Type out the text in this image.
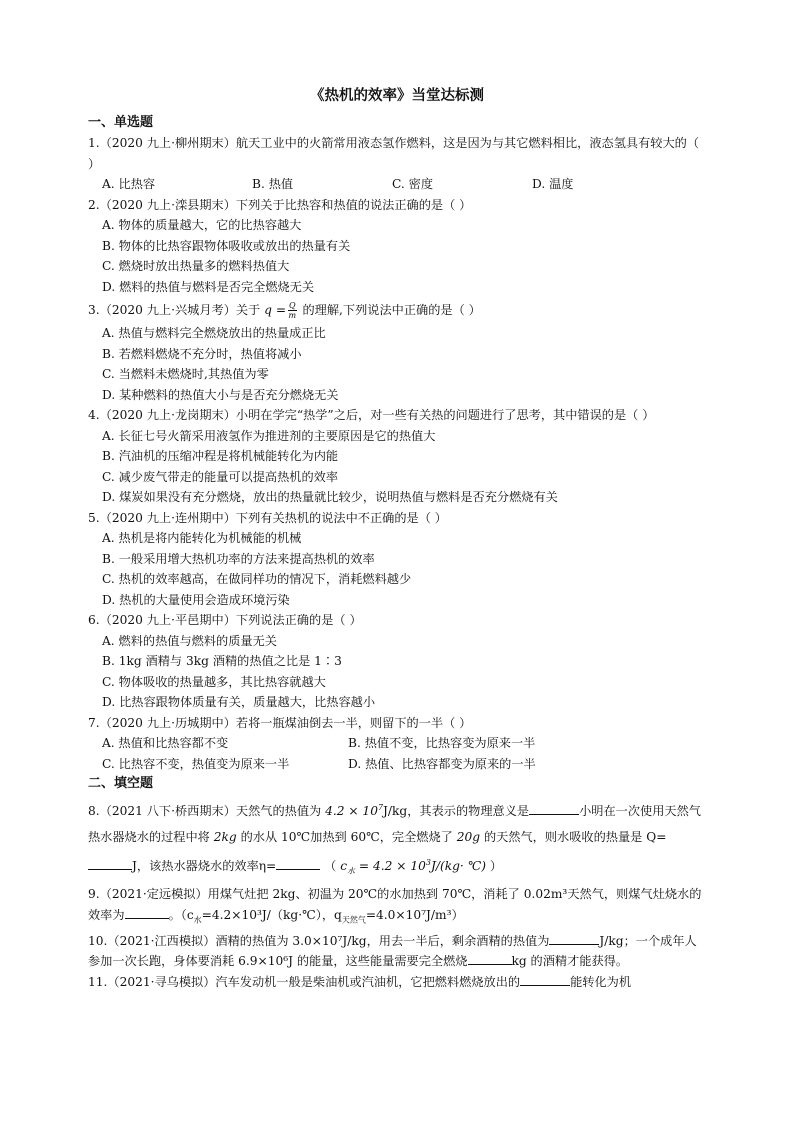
《热机的效率》当堂达标测
一、单选题

1.（2020 九上·柳州期末）航天工业中的火箭常用液态氢作燃料，这是因为与其它燃料相比，液态氢具有较大的（ ）

A. 比热容	B. 热值	C. 密度	D. 温度

2.（2020 九上·滦县期末）下列关于比热容和热值的说法正确的是（ ）

A. 物体的质量越大，它的比热容越大

B. 物体的比热容跟物体吸收或放出的热量有关

C. 燃烧时放出热量多的燃料热值大

D. 燃料的热值与燃料是否完全燃烧无关

3.（2020 九上·兴城月考）关于 $q = \frac{Q}{m}$ 的理解,下列说法中正确的是（ ）

A. 热值与燃料完全燃烧放出的热量成正比

B. 若燃料燃烧不充分时，热值将减小

C. 当燃料未燃烧时,其热值为零

D. 某种燃料的热值大小与是否充分燃烧无关

4.（2020 九上·龙岗期末）小明在学完“热学”之后，对一些有关热的问题进行了思考，其中错误的是（ ）

A. 长征七号火箭采用液氢作为推进剂的主要原因是它的热值大

B. 汽油机的压缩冲程是将机械能转化为内能

C. 减少废气带走的能量可以提高热机的效率

D. 煤炭如果没有充分燃烧，放出的热量就比较少，说明热值与燃料是否充分燃烧有关

5.（2020 九上·连州期中）下列有关热机的说法中不正确的是（ ）

A. 热机是将内能转化为机械能的机械

B. 一般采用增大热机功率的方法来提高热机的效率

C. 热机的效率越高，在做同样功的情况下，消耗燃料越少

D. 热机的大量使用会造成环境污染

6.（2020 九上·平邑期中）下列说法正确的是（ ）

A. 燃料的热值与燃料的质量无关

B. 1kg 酒精与 3kg 酒精的热值之比是 1∶3

C. 物体吸收的热量越多，其比热容就越大

D. 比热容跟物体质量有关，质量越大，比热容越小

7.（2020 九上·历城期中）若将一瓶煤油倒去一半，则留下的一半（ ）

A. 热值和比热容都不变	B. 热值不变，比热容变为原来一半
C. 比热容不变，热值变为原来一半	D. 热值、比热容都变为原来的一半
二、填空题

8.（2021 八下·桥西期末）天然气的热值为 $4.2 \times 10^7J/kg$，其表示的物理意义是	小明在一次使用天然气热水器烧水的过程中将 2kg 的水从 10℃加热到 60℃，完全燃烧了 20g 的天然气，则水吸收的热量是 Q=J，该热水器烧水的效率η=	（ $c_水 = 4.2 \times 10^3J/(kg\cdot$ ℃) ）

9.（2021·定远模拟）用煤气灶把 2kg、初温为 20℃的水加热到 70℃，消耗了 0.02m³天然气，则煤气灶烧水的效率为	。（$c_水=4.2\times 10^3J/(kg\cdot℃)$，$q_{天然气}=4.0\times 10^7J/m^3$）

10.（2021·江西模拟）酒精的热值为 3.0×10⁷J/kg，用去一半后，剩余酒精的热值为	J/kg；一个成年人参加一次长跑，身体要消耗 6.9×10⁶J 的能量，这些能量需要完全燃烧	kg 的酒精才能获得。

11.（2021·寻乌模拟）汽车发动机一般是柴油机或汽油机，它把燃料燃烧放出的	能转化为机
